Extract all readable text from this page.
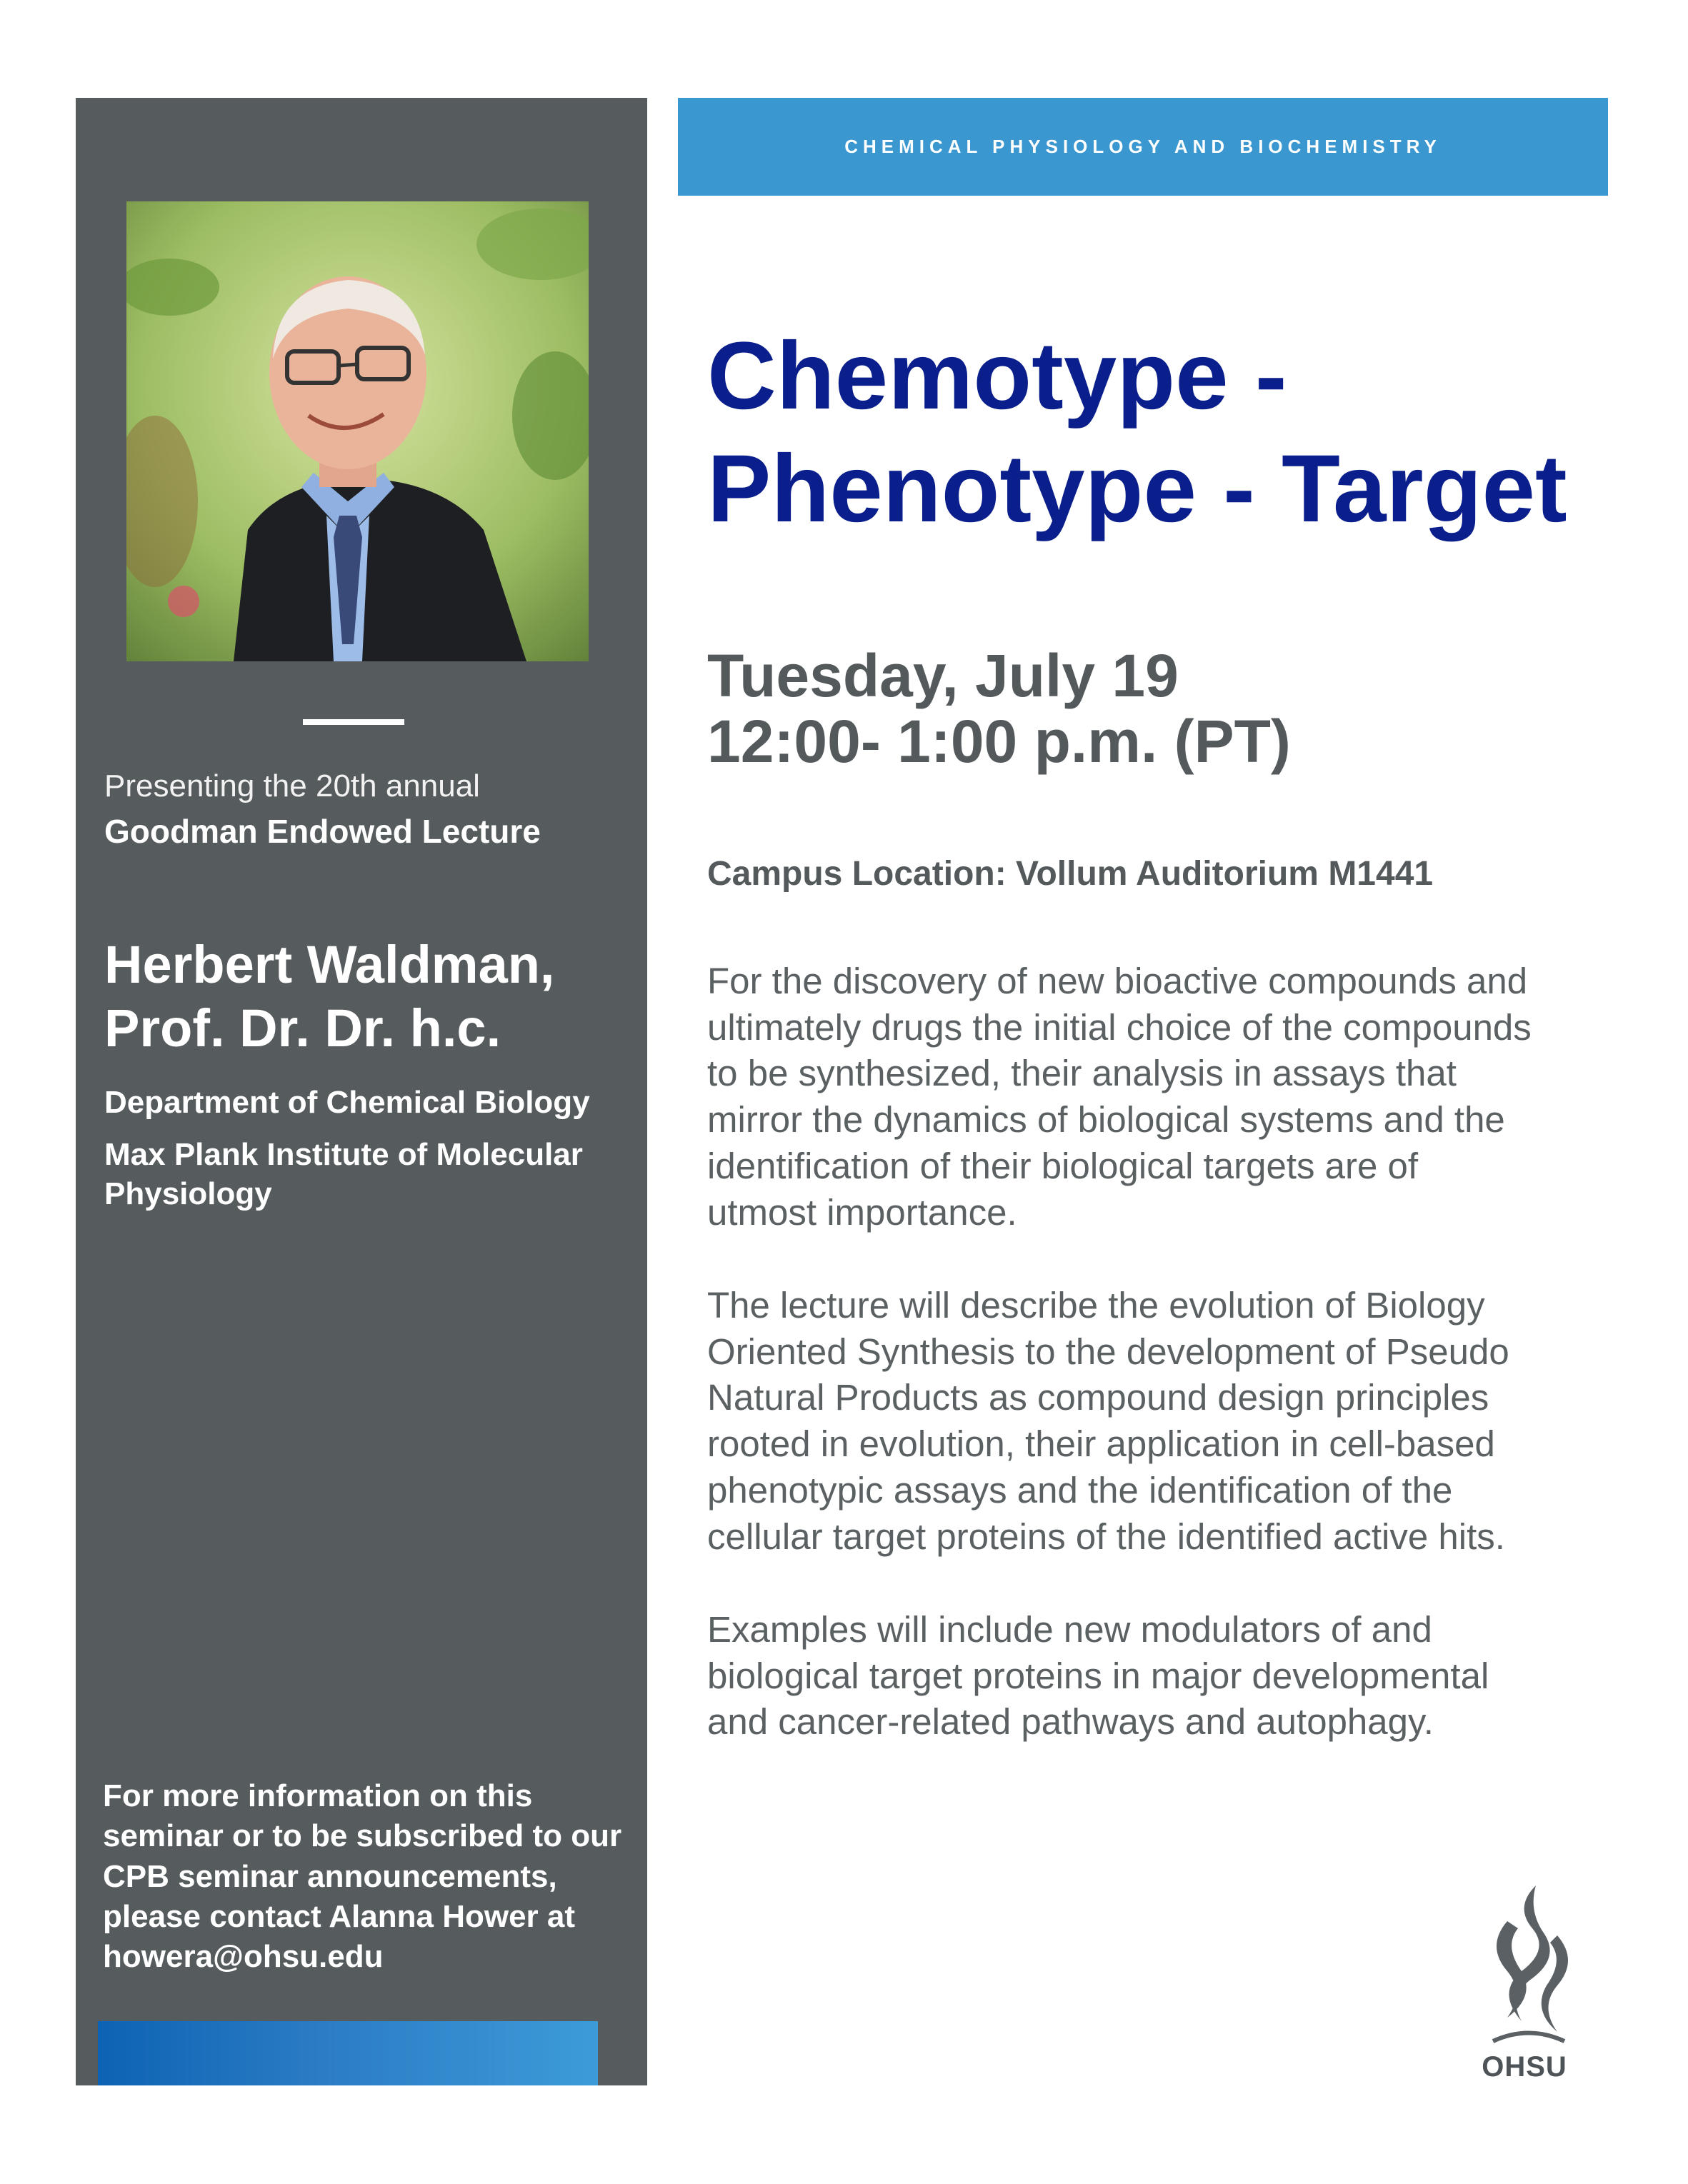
Presenting the 20th annual
Goodman Endowed Lecture
Herbert Waldman,
Prof. Dr. Dr. h.c.
Department of Chemical Biology
Max Plank Institute of Molecular
Physiology
For more information on this
seminar or to be subscribed to our
CPB seminar announcements,
please contact Alanna Hower at
howera@ohsu.edu
CHEMICAL PHYSIOLOGY AND BIOCHEMISTRY
Chemotype -
Phenotype - Target
Tuesday, July 19
12:00- 1:00 p.m. (PT)
Campus Location: Vollum Auditorium M1441
For the discovery of new bioactive compounds and
ultimately drugs the initial choice of the compounds
to be synthesized, their analysis in assays that
mirror the dynamics of biological systems and the
identification of their biological targets are of
utmost importance.
The lecture will describe the evolution of Biology
Oriented Synthesis to the development of Pseudo
Natural Products as compound design principles
rooted in evolution, their application in cell-based
phenotypic assays and the identification of the
cellular target proteins of the identified active hits.
Examples will include new modulators of and
biological target proteins in major developmental
and cancer-related pathways and autophagy.
OHSU
